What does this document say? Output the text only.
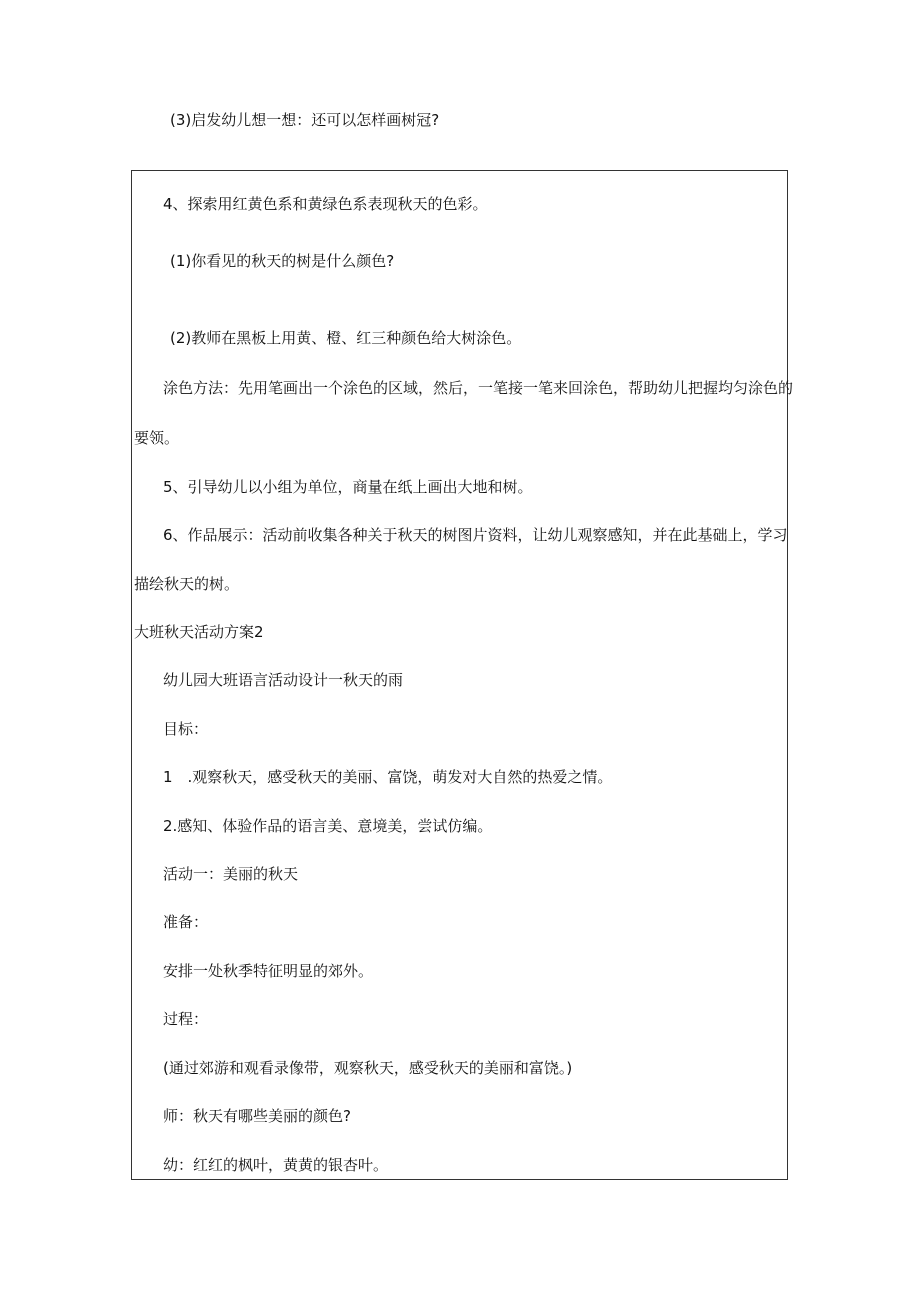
(3)启发幼儿想一想：还可以怎样画树冠?
4、探索用红黄色系和黄绿色系表现秋天的色彩。
(1)你看见的秋天的树是什么颜色?
(2)教师在黑板上用黄、橙、红三种颜色给大树涂色。
涂色方法：先用笔画出一个涂色的区域，然后，一笔接一笔来回涂色，帮助幼儿把握均匀涂色的
要领。
5、引导幼儿以小组为单位，商量在纸上画出大地和树。
6、作品展示：活动前收集各种关于秋天的树图片资料，让幼儿观察感知，并在此基础上，学习
描绘秋天的树。
大班秋天活动方案2
幼儿园大班语言活动设计一秋天的雨
目标：
1　.观察秋天，感受秋天的美丽、富饶，萌发对大自然的热爱之情。
2.感知、体验作品的语言美、意境美，尝试仿编。
活动一：美丽的秋天
准备：
安排一处秋季特征明显的郊外。
过程：
(通过郊游和观看录像带，观察秋天，感受秋天的美丽和富饶。)
师：秋天有哪些美丽的颜色?
幼：红红的枫叶，黄黄的银杏叶。
